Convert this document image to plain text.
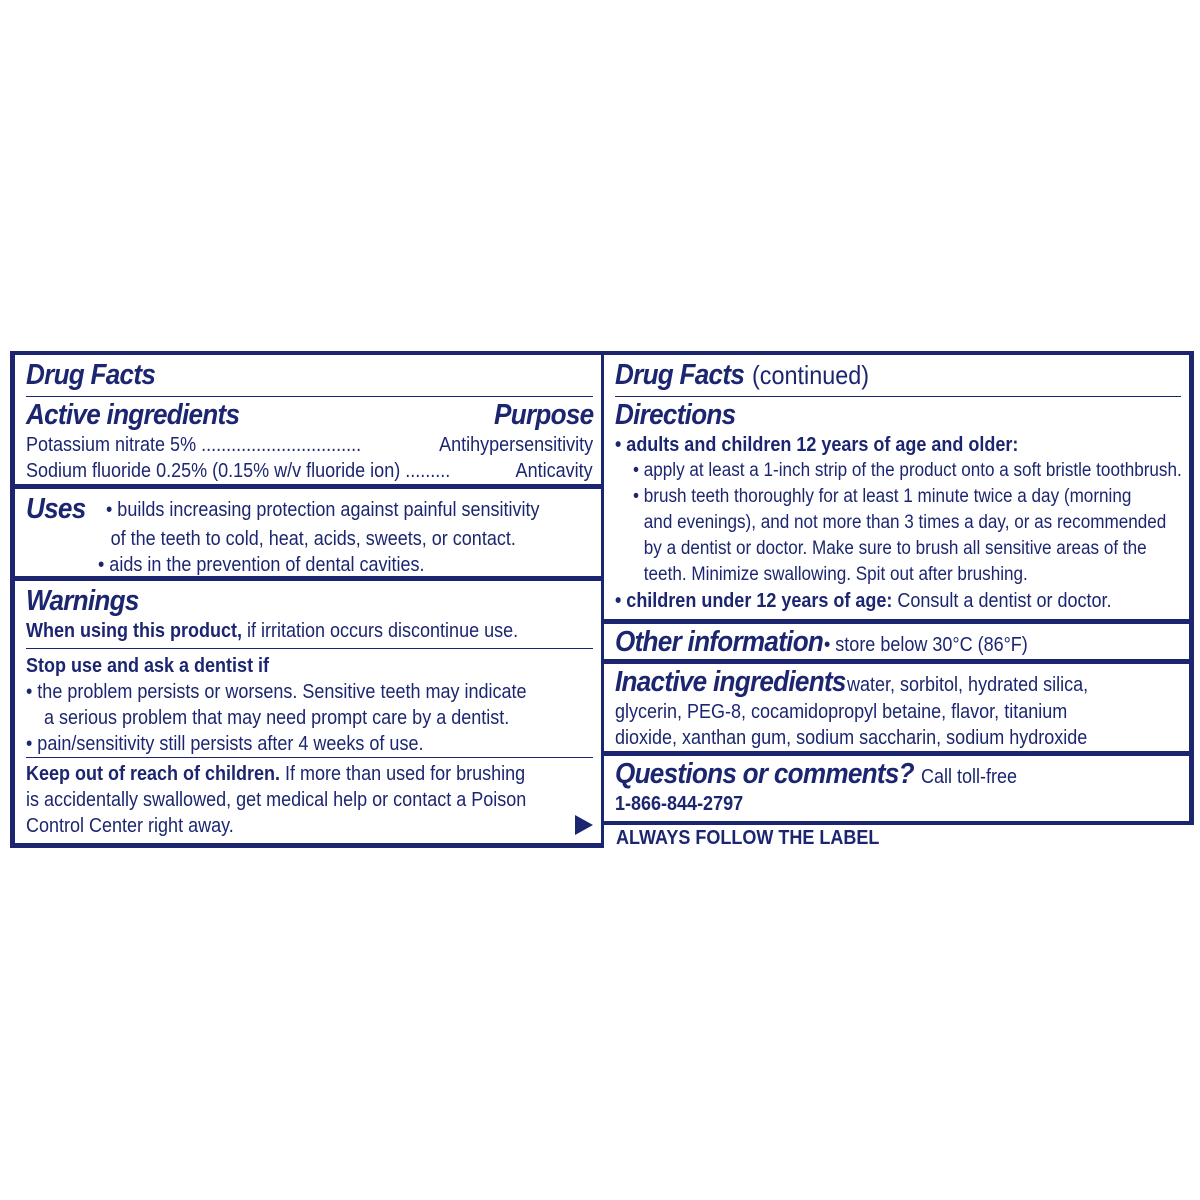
Drug Facts
Active ingredients	Purpose
Potassium nitrate 5% ................................	Antihypersensitivity
Sodium fluoride 0.25% (0.15% w/v fluoride ion) .........	Anticavity
Uses	• builds increasing protection against painful sensitivity
of the teeth to cold, heat, acids, sweets, or contact.
• aids in the prevention of dental cavities.
Warnings
When using this product, if irritation occurs discontinue use.
Stop use and ask a dentist if
• the problem persists or worsens. Sensitive teeth may indicate
a serious problem that may need prompt care by a dentist.
• pain/sensitivity still persists after 4 weeks of use.
Keep out of reach of children. If more than used for brushing
is accidentally swallowed, get medical help or contact a Poison
Control Center right away.
Drug Facts(continued)
Directions
• adults and children 12 years of age and older:
• apply at least a 1-inch strip of the product onto a soft bristle toothbrush.
• brush teeth thoroughly for at least 1 minute twice a day (morning
and evenings), and not more than 3 times a day, or as recommended
by a dentist or doctor. Make sure to brush all sensitive areas of the
teeth. Minimize swallowing. Spit out after brushing.
• children under 12 years of age: Consult a dentist or doctor.
Other information• store below 30°C (86°F)
Inactive ingredientswater, sorbitol, hydrated silica,
glycerin, PEG-8, cocamidopropyl betaine, flavor, titanium
dioxide, xanthan gum, sodium saccharin, sodium hydroxide
Questions or comments?Call toll-free
1-866-844-2797
ALWAYS FOLLOW THE LABEL
